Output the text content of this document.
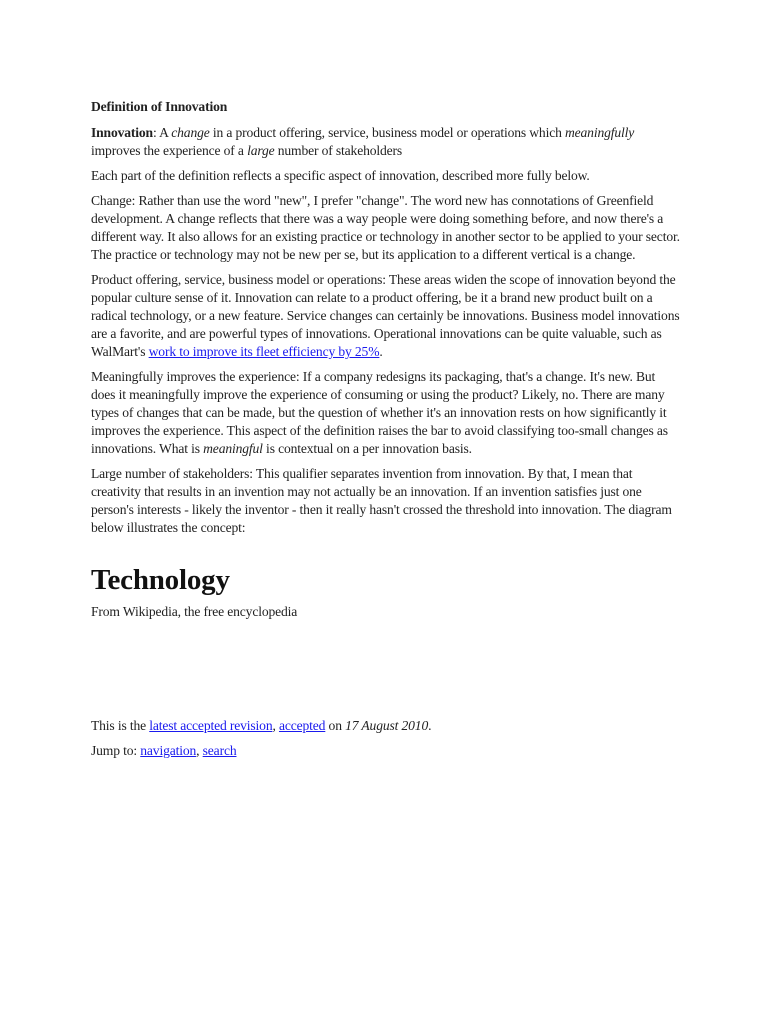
Definition of Innovation

Innovation: A change in a product offering, service, business model or operations which meaningfully improves the experience of a large number of stakeholders

Each part of the definition reflects a specific aspect of innovation, described more fully below.

Change: Rather than use the word "new", I prefer "change". The word new has connotations of Greenfield development. A change reflects that there was a way people were doing something before, and now there's a different way. It also allows for an existing practice or technology in another sector to be applied to your sector. The practice or technology may not be new per se, but its application to a different vertical is a change.

Product offering, service, business model or operations: These areas widen the scope of innovation beyond the popular culture sense of it. Innovation can relate to a product offering, be it a brand new product built on a radical technology, or a new feature. Service changes can certainly be innovations. Business model innovations are a favorite, and are powerful types of innovations. Operational innovations can be quite valuable, such as WalMart's work to improve its fleet efficiency by 25%.

Meaningfully improves the experience: If a company redesigns its packaging, that's a change. It's new. But does it meaningfully improve the experience of consuming or using the product? Likely, no. There are many types of changes that can be made, but the question of whether it's an innovation rests on how significantly it improves the experience. This aspect of the definition raises the bar to avoid classifying too-small changes as innovations. What is meaningful is contextual on a per innovation basis.

Large number of stakeholders: This qualifier separates invention from innovation. By that, I mean that creativity that results in an invention may not actually be an innovation. If an invention satisfies just one person's interests - likely the inventor - then it really hasn't crossed the threshold into innovation. The diagram below illustrates the concept:

Technology

From Wikipedia, the free encyclopedia

This is the latest accepted revision, accepted on 17 August 2010.

Jump to: navigation, search
